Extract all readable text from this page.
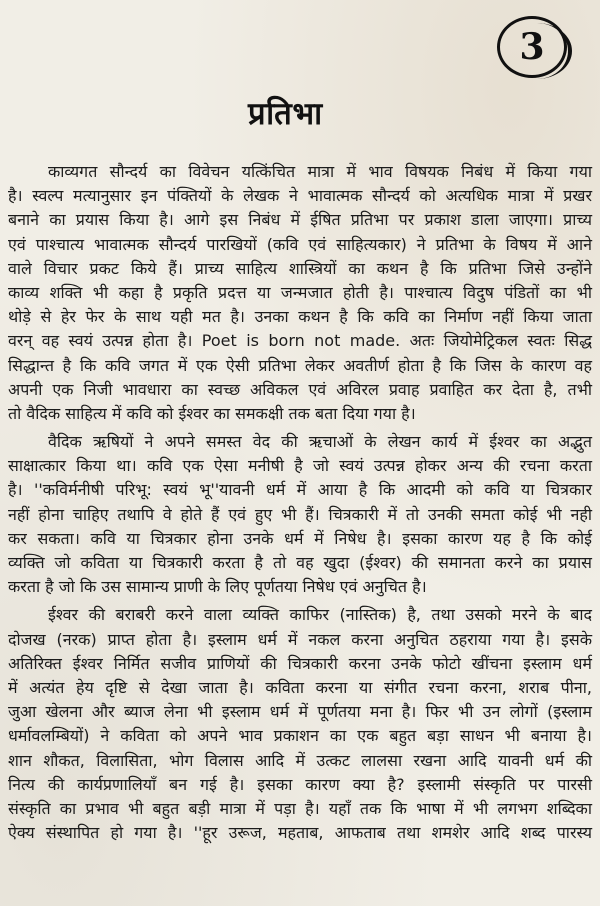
3
प्रतिभा
काव्यगत सौन्दर्य का विवेचन यत्किंचित मात्रा में भाव विषयक निबंध में किया गया
है। स्वल्प मत्यानुसार इन पंक्तियों के लेखक ने भावात्मक सौन्दर्य को अत्यधिक मात्रा में प्रखर
बनाने का प्रयास किया है। आगे इस निबंध में ईषित प्रतिभा पर प्रकाश डाला जाएगा। प्राच्य
एवं पाश्चात्य भावात्मक सौन्दर्य पारखियों (कवि एवं साहित्यकार) ने प्रतिभा के विषय में आने
वाले विचार प्रकट किये हैं। प्राच्य साहित्य शास्त्रियों का कथन है कि प्रतिभा जिसे उन्होंने
काव्य शक्ति भी कहा है प्रकृति प्रदत्त या जन्मजात होती है। पाश्चात्य विदुष पंडितों का भी
थोड़े से हेर फेर के साथ यही मत है। उनका कथन है कि कवि का निर्माण नहीं किया जाता
वरन् वह स्वयं उत्पन्न होता है। Poet is born not made. अतः जियोमेट्रिकल स्वतः सिद्ध
सिद्धान्त है कि कवि जगत में एक ऐसी प्रतिभा लेकर अवतीर्ण होता है कि जिस के कारण वह
अपनी एक निजी भावधारा का स्वच्छ अविकल एवं अविरल प्रवाह प्रवाहित कर देता है, तभी
तो वैदिक साहित्य में कवि को ईश्वर का समकक्षी तक बता दिया गया है।
वैदिक ऋषियों ने अपने समस्त वेद की ऋचाओं के लेखन कार्य में ईश्वर का अद्भुत
साक्षात्कार किया था। कवि एक ऐसा मनीषी है जो स्वयं उत्पन्न होकर अन्य की रचना करता
है। ''कविर्मनीषी परिभू: स्वयं भू''यावनी धर्म में आया है कि आदमी को कवि या चित्रकार
नहीं होना चाहिए तथापि वे होते हैं एवं हुए भी हैं। चित्रकारी में तो उनकी समता कोई भी नही
कर सकता। कवि या चित्रकार होना उनके धर्म में निषेध है। इसका कारण यह है कि कोई
व्यक्ति जो कविता या चित्रकारी करता है तो वह खुदा (ईश्वर) की समानता करने का प्रयास
करता है जो कि उस सामान्य प्राणी के लिए पूर्णतया निषेध एवं अनुचित है।
ईश्वर की बराबरी करने वाला व्यक्ति काफिर (नास्तिक) है, तथा उसको मरने के बाद
दोजख (नरक) प्राप्त होता है। इस्लाम धर्म में नकल करना अनुचित ठहराया गया है। इसके
अतिरिक्त ईश्वर निर्मित सजीव प्राणियों की चित्रकारी करना उनके फोटो खींचना इस्लाम धर्म
में अत्यंत हेय दृष्टि से देखा जाता है। कविता करना या संगीत रचना करना, शराब पीना,
जुआ खेलना और ब्याज लेना भी इस्लाम धर्म में पूर्णतया मना है। फिर भी उन लोगों (इस्लाम
धर्मावलम्बियों) ने कविता को अपने भाव प्रकाशन का एक बहुत बड़ा साधन भी बनाया है।
शान शौकत, विलासिता, भोग विलास आदि में उत्कट लालसा रखना आदि यावनी धर्म की
नित्य की कार्यप्रणालियाँ बन गई है। इसका कारण क्या है? इस्लामी संस्कृति पर पारसी
संस्कृति का प्रभाव भी बहुत बड़ी मात्रा में पड़ा है। यहाँ तक कि भाषा में भी लगभग शब्दिका
ऐक्य संस्थापित हो गया है। ''हूर उरूज, महताब, आफताब तथा शमशेर आदि शब्द पारस्य
